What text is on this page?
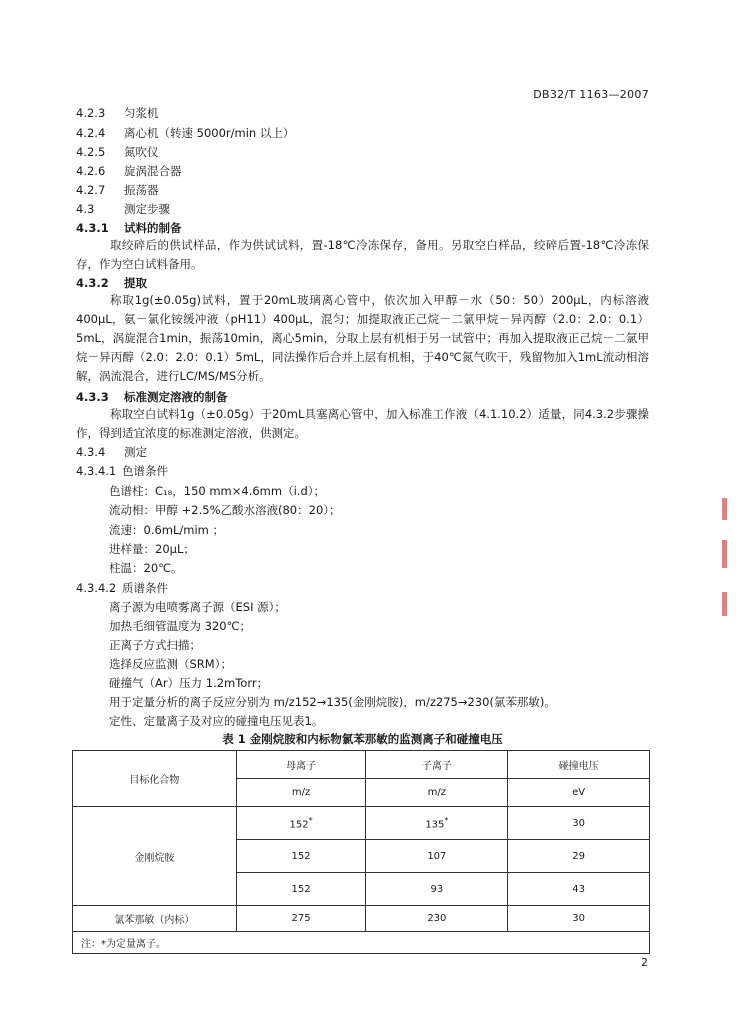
DB32/T 1163—2007
4.2.3 匀浆机
4.2.4 离心机（转速 5000r/min 以上）
4.2.5 氮吹仪
4.2.6 旋涡混合器
4.2.7 振荡器
4.3	测定步骤
4.3.1 试料的制备
取绞碎后的供试样品，作为供试试料，置-18℃冷冻保存，备用。另取空白样品，绞碎后置-18℃冷冻保存，作为空白试料备用。
4.3.2 提取
称取1g(±0.05g)试料，置于20mL玻璃离心管中，依次加入甲醇－水（50：50）200μL，内标溶液400μL，氨－氯化铵缓冲液（pH11）400μL，混匀；加提取液正己烷－二氯甲烷－异丙醇（2.0：2.0：0.1）5mL，涡旋混合1min，振荡10min，离心5min，分取上层有机相于另一试管中；再加入提取液正己烷－二氯甲烷－异丙醇（2.0：2.0：0.1）5mL，同法操作后合并上层有机相，于40℃氮气吹干，残留物加入1mL流动相溶解，涡流混合，进行LC/MS/MS分析。
4.3.3 标准测定溶液的制备
称取空白试料1g（±0.05g）于20mL具塞离心管中，加入标准工作液（4.1.10.2）适量，同4.3.2步骤操作，得到适宜浓度的标准测定溶液，供测定。
4.3.4 测定
4.3.4.1 色谱条件
色谱柱：C₁₈，150 mm×4.6mm（i.d）；
流动相：甲醇 +2.5%乙酸水溶液(80：20）；
流速：0.6mL/mim ；
进样量：20μL；
柱温：20℃。
4.3.4.2 质谱条件
离子源为电喷雾离子源（ESI 源）；
加热毛细管温度为 320℃；
正离子方式扫描；
选择反应监测（SRM）；
碰撞气（Ar）压力 1.2mTorr；
用于定量分析的离子反应分别为 m/z152→135(金刚烷胺)，m/z275→230(氯苯那敏)。
定性、定量离子及对应的碰撞电压见表1。
表 1 金刚烷胺和内标物氯苯那敏的监测离子和碰撞电压
目标化合物	母离子	子离子	碰撞电压
	m/z	m/z	eV
金刚烷胺	152*	135*	30
	152	107	29
	152	93	43
氯苯那敏（内标）	275	230	30
注：*为定量离子。			
2
